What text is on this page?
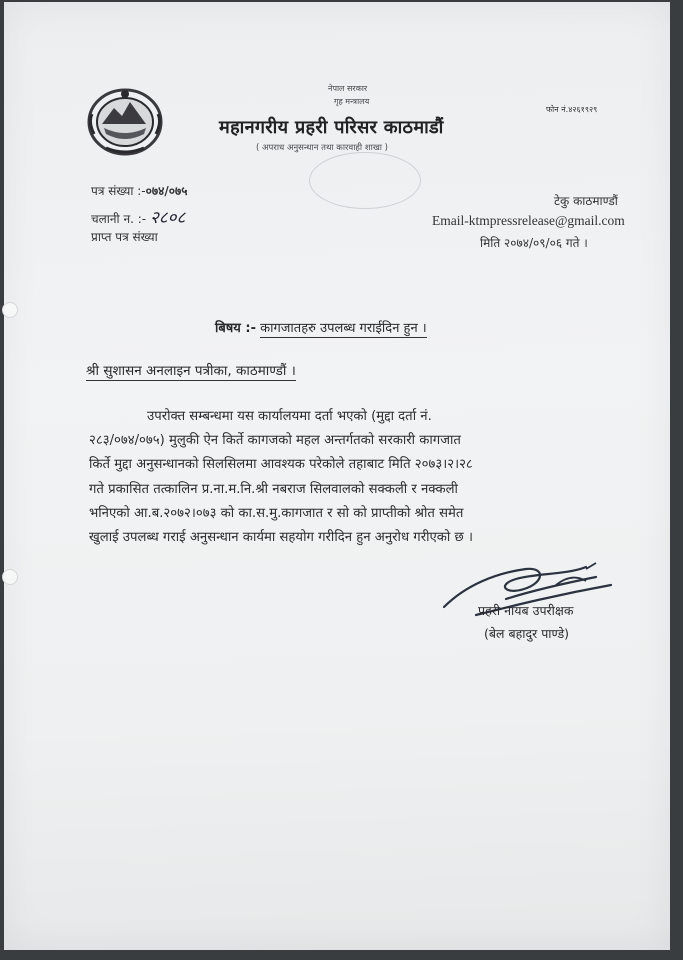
नेपाल सरकार
गृह मन्त्रालय
फोन नं.४२६१९२९
महानगरीय प्रहरी परिसर काठमाडौं
( अपराध अनुसन्धान तथा कारवाही शाखा )
पत्र संख्या :-०७४/०७५
चलानी न. :- २८०८
प्राप्त पत्र संख्या
टेकु काठमाण्डौं
Email-ktmpressrelease@gmail.com
मिति २०७४/०९/०६ गते ।
बिषय :- कागजातहरु उपलब्ध गराईदिन हुन ।
श्री सुशासन अनलाइन पत्रीका, काठमाण्डौं ।
उपरोक्त सम्बन्धमा यस कार्यालयमा दर्ता भएको (मुद्दा दर्ता नं.
२८३/०७४/०७५) मुलुकी ऐन किर्ते कागजको महल अन्तर्गतको सरकारी कागजात
किर्ते मुद्दा अनुसन्धानको सिलसिलमा आवश्यक परेकोले तहाबाट मिति २०७३।२।२८
गते प्रकासित तत्कालिन प्र.ना.म.नि.श्री नबराज सिलवालको सक्कली र नक्कली
भनिएको आ.ब.२०७२।०७३ को का.स.मु.कागजात र सो को प्राप्तीको श्रोत समेत
खुलाई उपलब्ध गराई अनुसन्धान कार्यमा सहयोग गरीदिन हुन अनुरोध गरीएको छ ।
प्रहरी नायब उपरीक्षक
(बेल बहादुर पाण्डे)
